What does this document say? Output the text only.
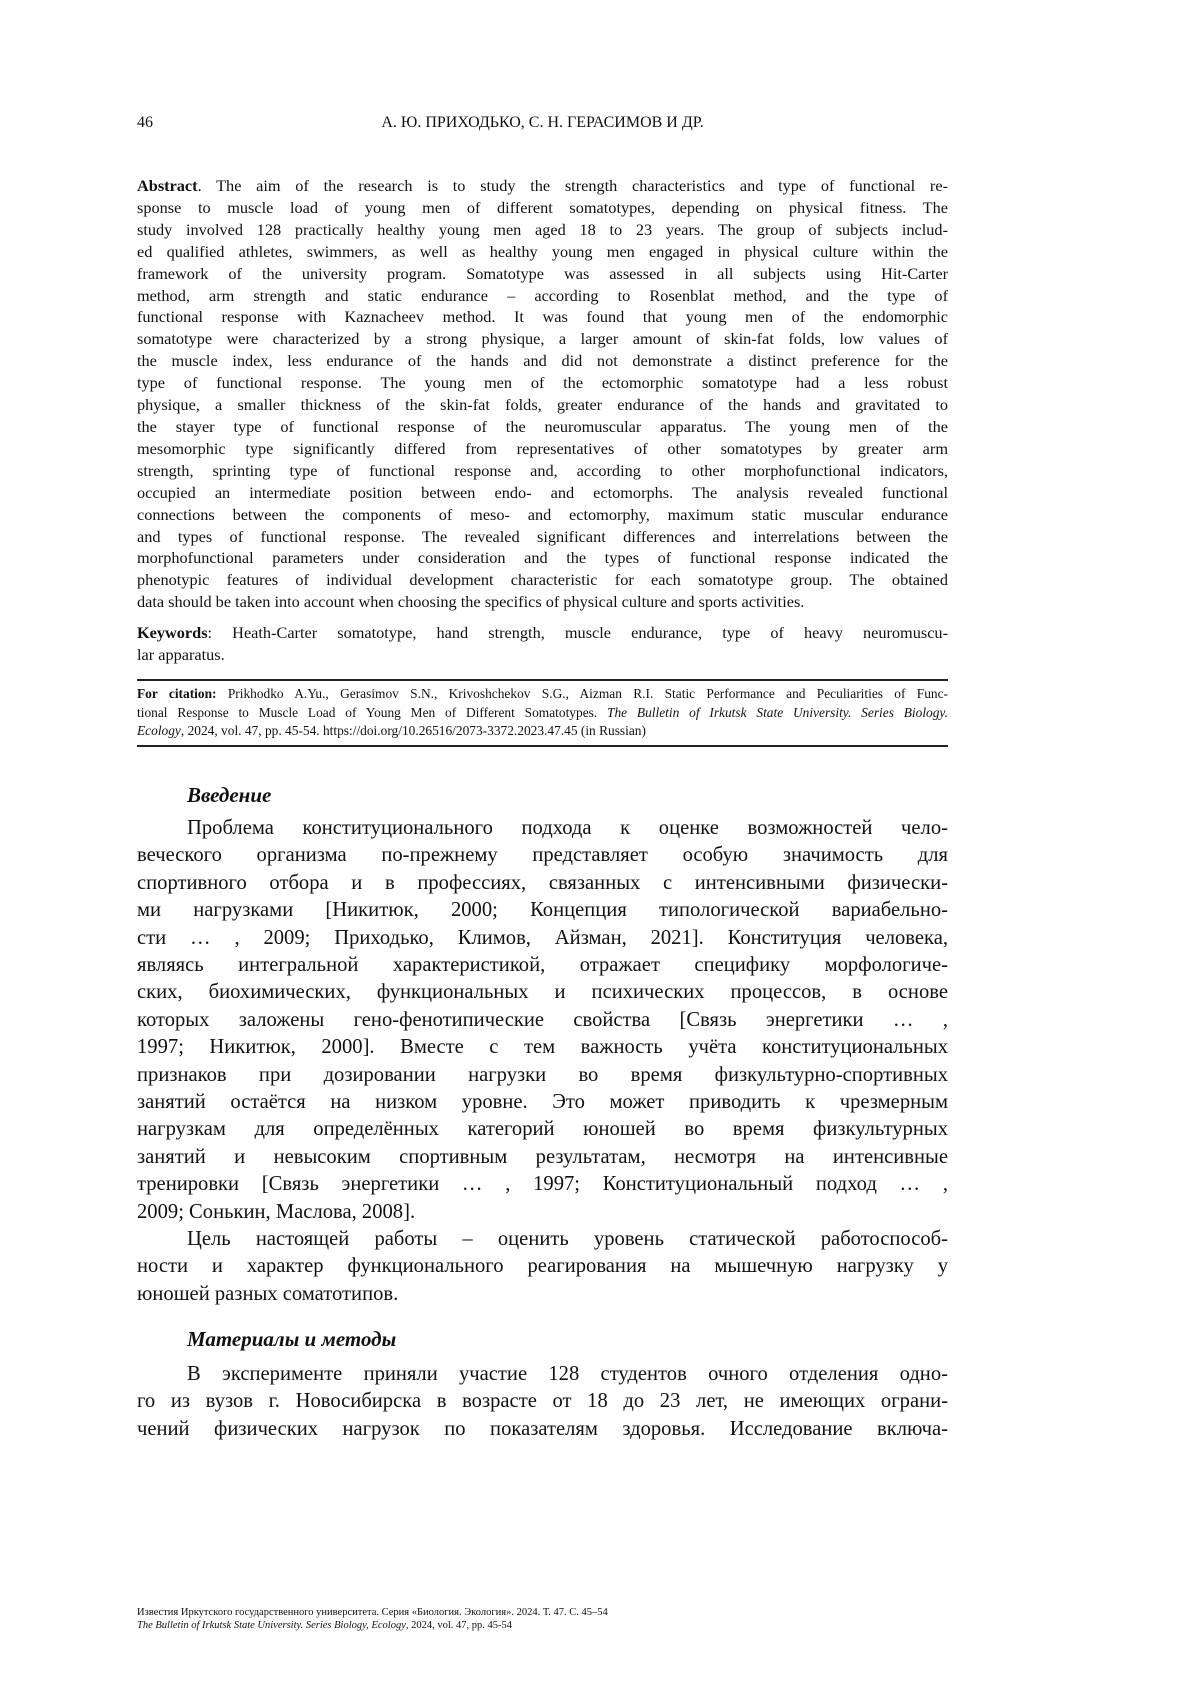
46	А. Ю. ПРИХОДЬКО, С. Н. ГЕРАСИМОВ И ДР.
Abstract. The aim of the research is to study the strength characteristics and type of functional re-
sponse to muscle load of young men of different somatotypes, depending on physical fitness. The
study involved 128 practically healthy young men aged 18 to 23 years. The group of subjects includ-
ed qualified athletes, swimmers, as well as healthy young men engaged in physical culture within the
framework of the university program. Somatotype was assessed in all subjects using Hit-Carter
method, arm strength and static endurance – according to Rosenblat method, and the type of
functional response with Kaznacheev method. It was found that young men of the endomorphic
somatotype were characterized by a strong physique, a larger amount of skin-fat folds, low values of
the muscle index, less endurance of the hands and did not demonstrate a distinct preference for the
type of functional response. The young men of the ectomorphic somatotype had a less robust
physique, a smaller thickness of the skin-fat folds, greater endurance of the hands and gravitated to
the stayer type of functional response of the neuromuscular apparatus. The young men of the
mesomorphic type significantly differed from representatives of other somatotypes by greater arm
strength, sprinting type of functional response and, according to other morphofunctional indicators,
occupied an intermediate position between endo- and ectomorphs. The analysis revealed functional
connections between the components of meso- and ectomorphy, maximum static muscular endurance
and types of functional response. The revealed significant differences and interrelations between the
morphofunctional parameters under consideration and the types of functional response indicated the
phenotypic features of individual development characteristic for each somatotype group. The obtained
data should be taken into account when choosing the specifics of physical culture and sports activities.
Keywords: Heath-Carter somatotype, hand strength, muscle endurance, type of heavy neuromuscu-
lar apparatus.
For citation: Prikhodko A.Yu., Gerasimov S.N., Krivoshchekov S.G., Aizman R.I. Static Performance and Peculiarities of Func-
tional Response to Muscle Load of Young Men of Different Somatotypes. The Bulletin of Irkutsk State University. Series Biology.
Ecology, 2024, vol. 47, pp. 45-54. https://doi.org/10.26516/2073-3372.2023.47.45 (in Russian)
Введение
Проблема конституционального подхода к оценке возможностей чело-
веческого организма по-прежнему представляет особую значимость для
спортивного отбора и в профессиях, связанных с интенсивными физически-
ми нагрузками [Никитюк, 2000; Концепция типологической вариабельно-
сти … , 2009; Приходько, Климов, Айзман, 2021]. Конституция человека,
являясь интегральной характеристикой, отражает специфику морфологиче-
ских, биохимических, функциональных и психических процессов, в основе
которых заложены гено-фенотипические свойства [Связь энергетики … ,
1997; Никитюк, 2000]. Вместе с тем важность учёта конституциональных
признаков при дозировании нагрузки во время физкультурно-спортивных
занятий остаётся на низком уровне. Это может приводить к чрезмерным
нагрузкам для определённых категорий юношей во время физкультурных
занятий и невысоким спортивным результатам, несмотря на интенсивные
тренировки [Связь энергетики … , 1997; Конституциональный подход … ,
2009; Сонькин, Маслова, 2008].
Цель настоящей работы – оценить уровень статической работоспособ-
ности и характер функционального реагирования на мышечную нагрузку у
юношей разных соматотипов.
Материалы и методы
В эксперименте приняли участие 128 студентов очного отделения одно-
го из вузов г. Новосибирска в возрасте от 18 до 23 лет, не имеющих ограни-
чений физических нагрузок по показателям здоровья. Исследование включа-
Известия Иркутского государственного университета. Серия «Биология. Экология». 2024. Т. 47. С. 45–54
The Bulletin of Irkutsk State University. Series Biology, Ecology, 2024, vol. 47, pp. 45-54
